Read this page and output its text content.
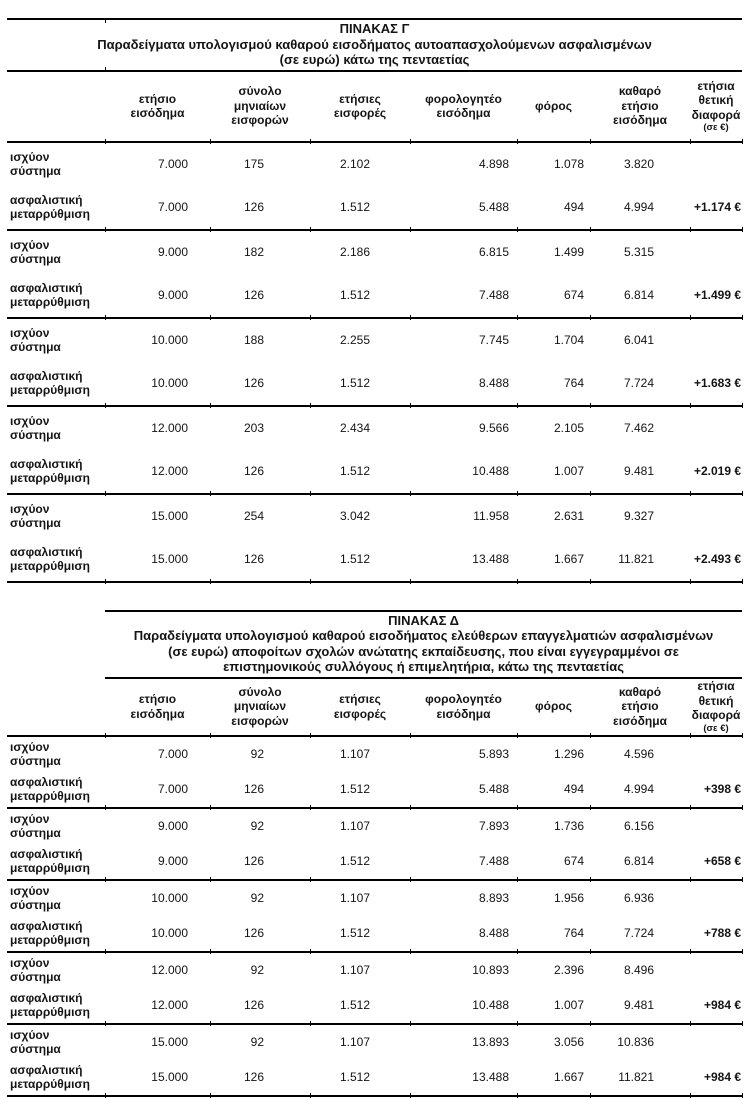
ΠΙΝΑΚΑΣ Γ
Παραδείγματα υπολογισμού καθαρού εισοδήματος αυτοαπασχολούμενων ασφαλισμένων
(σε ευρώ) κάτω της πενταετίας							
	ετήσιο
εισόδημα	σύνολο
μηνιαίων
εισφορών	ετήσιες
εισφορές	φορολογητέο
εισόδημα	φόρος	καθαρό
ετήσιο
εισόδημα	ετήσια
θετική
διαφορά
(σε €)

ισχύον
σύστημα	7.000	175	2.102	4.898	1.078	3.820	
ασφαλιστική
μεταρρύθμιση	7.000	126	1.512	5.488	494	4.994	+1.174 €
ισχύον
σύστημα	9.000	182	2.186	6.815	1.499	5.315	
ασφαλιστική
μεταρρύθμιση	9.000	126	1.512	7.488	674	6.814	+1.499 €
ισχύον
σύστημα	10.000	188	2.255	7.745	1.704	6.041	
ασφαλιστική
μεταρρύθμιση	10.000	126	1.512	8.488	764	7.724	+1.683 €
ισχύον
σύστημα	12.000	203	2.434	9.566	2.105	7.462	
ασφαλιστική
μεταρρύθμιση	12.000	126	1.512	10.488	1.007	9.481	+2.019 €
ισχύον
σύστημα	15.000	254	3.042	11.958	2.631	9.327	
ασφαλιστική
μεταρρύθμιση	15.000	126	1.512	13.488	1.667	11.821	+2.493 €
	ΠΙΝΑΚΑΣ Δ
Παραδείγματα υπολογισμού καθαρού εισοδήματος ελεύθερων επαγγελματιών ασφαλισμένων
(σε ευρώ) αποφοίτων σχολών ανώτατης εκπαίδευσης, που είναι εγγεγραμμένοι σε
επιστημονικούς συλλόγους ή επιμελητήρια, κάτω της πενταετίας						
	ετήσιο
εισόδημα	σύνολο
μηνιαίων
εισφορών	ετήσιες
εισφορές	φορολογητέο
εισόδημα	φόρος	καθαρό
ετήσιο
εισόδημα	ετήσια
θετική
διαφορά
(σε €)

ισχύον
σύστημα	7.000	92	1.107	5.893	1.296	4.596	
ασφαλιστική
μεταρρύθμιση	7.000	126	1.512	5.488	494	4.994	+398 €
ισχύον
σύστημα	9.000	92	1.107	7.893	1.736	6.156	
ασφαλιστική
μεταρρύθμιση	9.000	126	1.512	7.488	674	6.814	+658 €
ισχύον
σύστημα	10.000	92	1.107	8.893	1.956	6.936	
ασφαλιστική
μεταρρύθμιση	10.000	126	1.512	8.488	764	7.724	+788 €
ισχύον
σύστημα	12.000	92	1.107	10.893	2.396	8.496	
ασφαλιστική
μεταρρύθμιση	12.000	126	1.512	10.488	1.007	9.481	+984 €
ισχύον
σύστημα	15.000	92	1.107	13.893	3.056	10.836	
ασφαλιστική
μεταρρύθμιση	15.000	126	1.512	13.488	1.667	11.821	+984 €
